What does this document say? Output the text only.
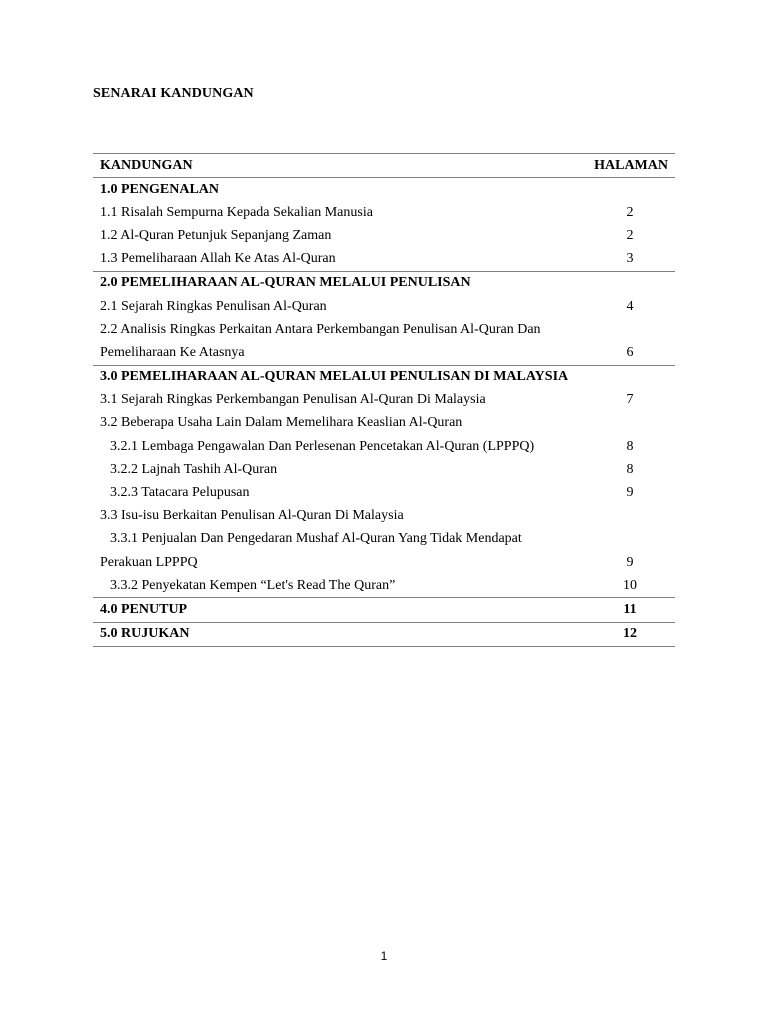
SENARAI KANDUNGAN
KANDUNGAN	HALAMAN
1.0 PENGENALAN
1.1 Risalah Sempurna Kepada Sekalian Manusia	2
1.2 Al-Quran Petunjuk Sepanjang Zaman	2
1.3 Pemeliharaan Allah Ke Atas Al-Quran	3
2.0 PEMELIHARAAN AL-QURAN MELALUI PENULISAN
2.1 Sejarah Ringkas Penulisan Al-Quran	4
2.2 Analisis Ringkas Perkaitan Antara Perkembangan Penulisan Al-Quran Dan
Pemeliharaan Ke Atasnya	6
3.0 PEMELIHARAAN AL-QURAN MELALUI PENULISAN DI MALAYSIA
3.1 Sejarah Ringkas Perkembangan Penulisan Al-Quran Di Malaysia	7
3.2 Beberapa Usaha Lain Dalam Memelihara Keaslian Al-Quran
3.2.1 Lembaga Pengawalan Dan Perlesenan Pencetakan Al-Quran (LPPPQ)	8
3.2.2 Lajnah Tashih Al-Quran	8
3.2.3 Tatacara Pelupusan	9
3.3 Isu-isu Berkaitan Penulisan Al-Quran Di Malaysia
3.3.1 Penjualan Dan Pengedaran Mushaf Al-Quran Yang Tidak Mendapat
Perakuan LPPPQ	9
3.3.2 Penyekatan Kempen “Let's Read The Quran”	10
4.0 PENUTUP	11
5.0 RUJUKAN	12
1
